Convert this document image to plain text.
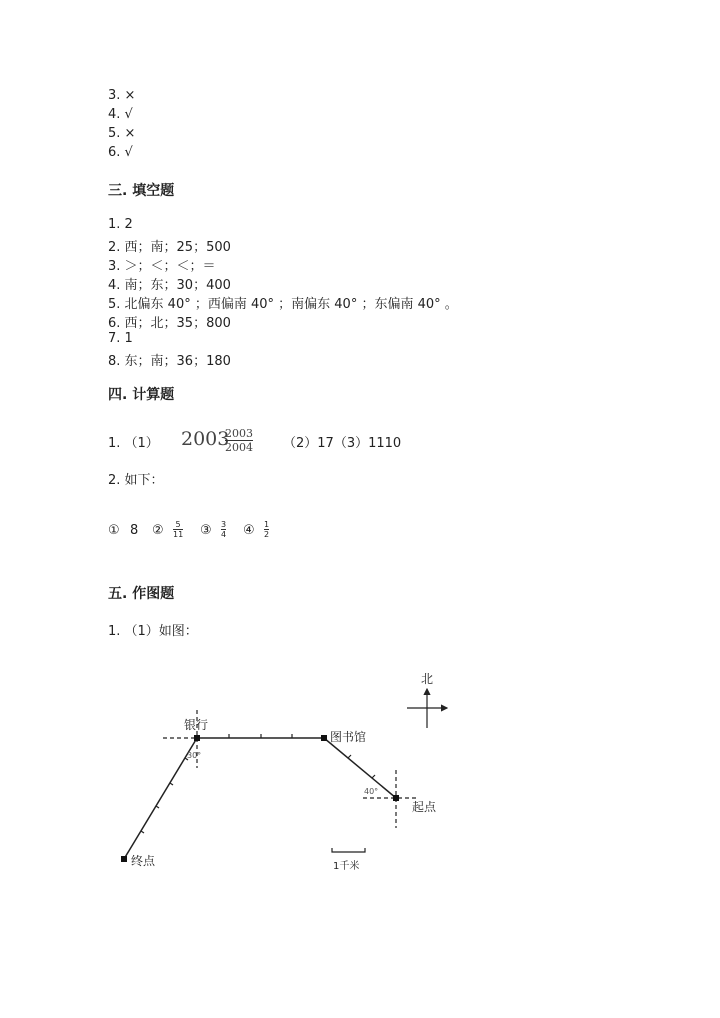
3. ×
4. √
5. ×
6. √
三. 填空题
1. 2
2. 西；南；25；500
3. ＞；＜；＜；＝
4. 南；东；30；400
5. 北偏东 40° ；西偏南 40° ；南偏东 40° ；东偏南 40° 。
6. 西；北；35；800
7. 1
8. 东；南；36；180
四. 计算题
1. （1） 2003
$\frac{2003}{2004} (2)17(3)1110$
2. 如下：
① 8 ② $\frac{5}{11}$ ③ $\frac{3}{4}$ ④ $\frac{1}{2}$
五. 作图题
1. （1）如图：
北
银行
图书馆
起点
终点
30°
40°
1千米
